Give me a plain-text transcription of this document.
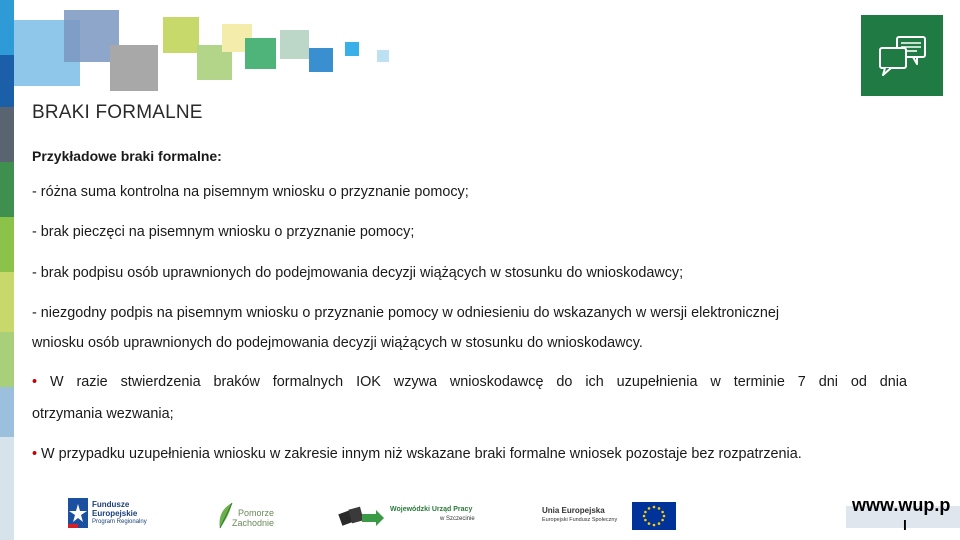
BRAKI FORMALNE
Przykładowe braki formalne:
- różna suma kontrolna na pisemnym wniosku o przyznanie pomocy;
- brak pieczęci na pisemnym wniosku o przyznanie pomocy;
- brak podpisu osób uprawnionych do podejmowania decyzji wiążących w stosunku do wnioskodawcy;
- niezgodny podpis na pisemnym wniosku o przyznanie pomocy w odniesieniu do wskazanych w wersji elektronicznej
wniosku osób uprawnionych do podejmowania decyzji wiążących w stosunku do wnioskodawcy.
• W razie stwierdzenia braków formalnych IOK wzywa wnioskodawcę do ich uzupełnienia w terminie 7 dni od dnia
otrzymania wezwania;
• W przypadku uzupełnienia wniosku w zakresie innym niż wskazane braki formalne wniosek pozostaje bez rozpatrzenia.
Fundusze
Europejskie
Program Regionalny
Pomorze
Zachodnie
Wojewódzki Urząd Pracy
w Szczecinie
Unia Europejska
Europejski Fundusz Społeczny
www.wup.p
l
